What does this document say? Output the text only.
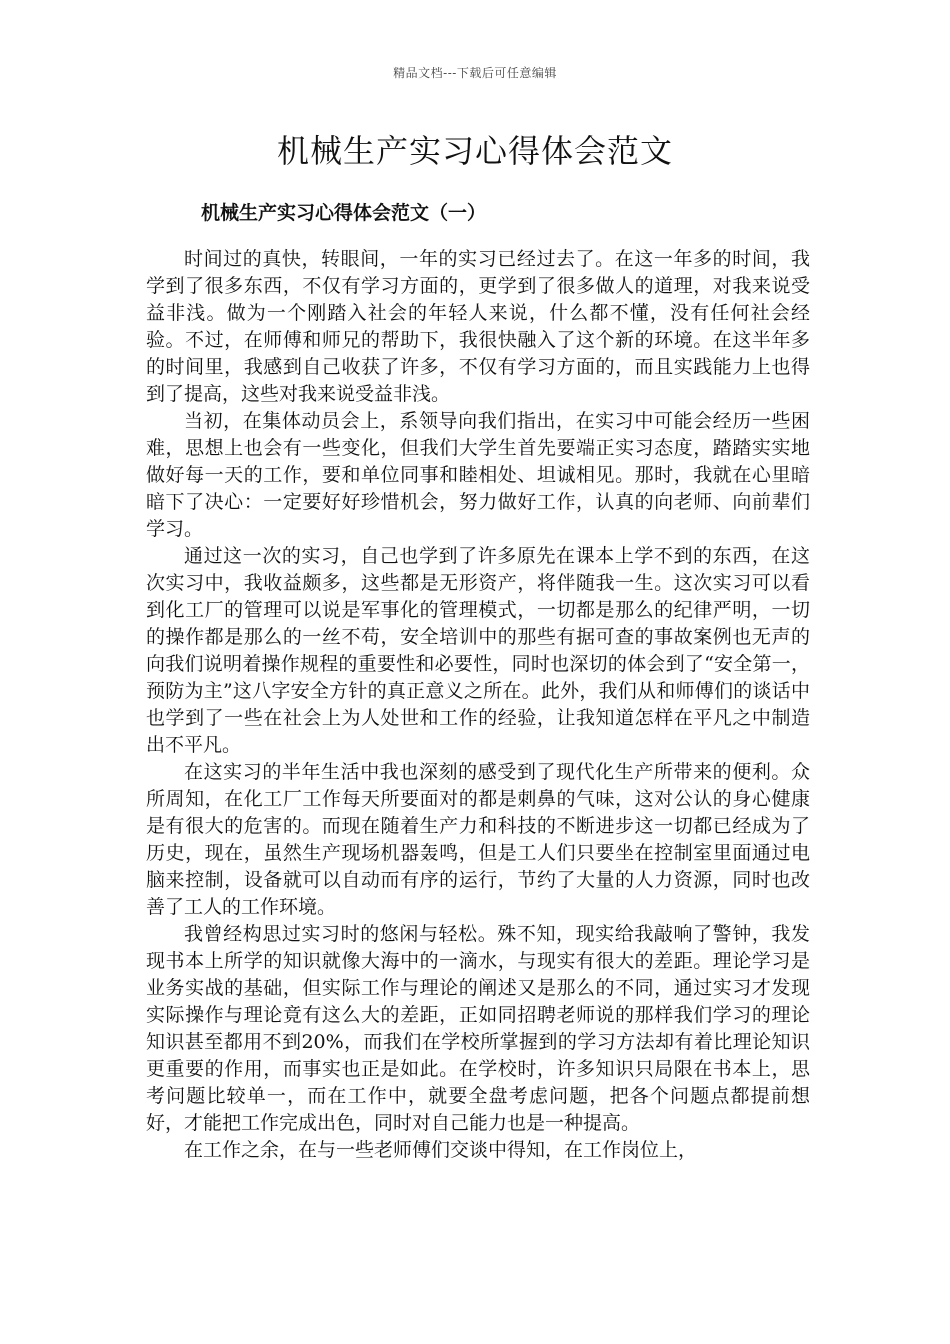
精品文档---下载后可任意编辑
机械生产实习心得体会范文
机械生产实习心得体会范文（一）

时间过的真快，转眼间，一年的实习已经过去了。在这一年多的时间，我学到了很多东西，不仅有学习方面的，更学到了很多做人的道理，对我来说受益非浅。做为一个刚踏入社会的年轻人来说，什么都不懂，没有任何社会经验。不过，在师傅和师兄的帮助下，我很快融入了这个新的环境。在这半年多的时间里，我感到自己收获了许多，不仅有学习方面的，而且实践能力上也得到了提高，这些对我来说受益非浅。

当初，在集体动员会上，系领导向我们指出，在实习中可能会经历一些困难，思想上也会有一些变化，但我们大学生首先要端正实习态度，踏踏实实地做好每一天的工作，要和单位同事和睦相处、坦诚相见。那时，我就在心里暗暗下了决心：一定要好好珍惜机会，努力做好工作，认真的向老师、向前辈们学习。

通过这一次的实习，自己也学到了许多原先在课本上学不到的东西，在这次实习中，我收益颇多，这些都是无形资产，将伴随我一生。这次实习可以看到化工厂的管理可以说是军事化的管理模式，一切都是那么的纪律严明，一切的操作都是那么的一丝不苟，安全培训中的那些有据可查的事故案例也无声的向我们说明着操作规程的重要性和必要性，同时也深切的体会到了“安全第一，预防为主”这八字安全方针的真正意义之所在。此外，我们从和师傅们的谈话中也学到了一些在社会上为人处世和工作的经验，让我知道怎样在平凡之中制造出不平凡。

在这实习的半年生活中我也深刻的感受到了现代化生产所带来的便利。众所周知，在化工厂工作每天所要面对的都是刺鼻的气味，这对公认的身心健康是有很大的危害的。而现在随着生产力和科技的不断进步这一切都已经成为了历史，现在，虽然生产现场机器轰鸣，但是工人们只要坐在控制室里面通过电脑来控制，设备就可以自动而有序的运行，节约了大量的人力资源，同时也改善了工人的工作环境。

我曾经构思过实习时的悠闲与轻松。殊不知，现实给我敲响了警钟，我发现书本上所学的知识就像大海中的一滴水，与现实有很大的差距。理论学习是业务实战的基础，但实际工作与理论的阐述又是那么的不同，通过实习才发现实际操作与理论竟有这么大的差距，正如同招聘老师说的那样我们学习的理论知识甚至都用不到20%，而我们在学校所掌握到的学习方法却有着比理论知识更重要的作用，而事实也正是如此。在学校时，许多知识只局限在书本上，思考问题比较单一，而在工作中，就要全盘考虑问题，把各个问题点都提前想好，才能把工作完成出色，同时对自己能力也是一种提高。

在工作之余，在与一些老师傅们交谈中得知，在工作岗位上，
